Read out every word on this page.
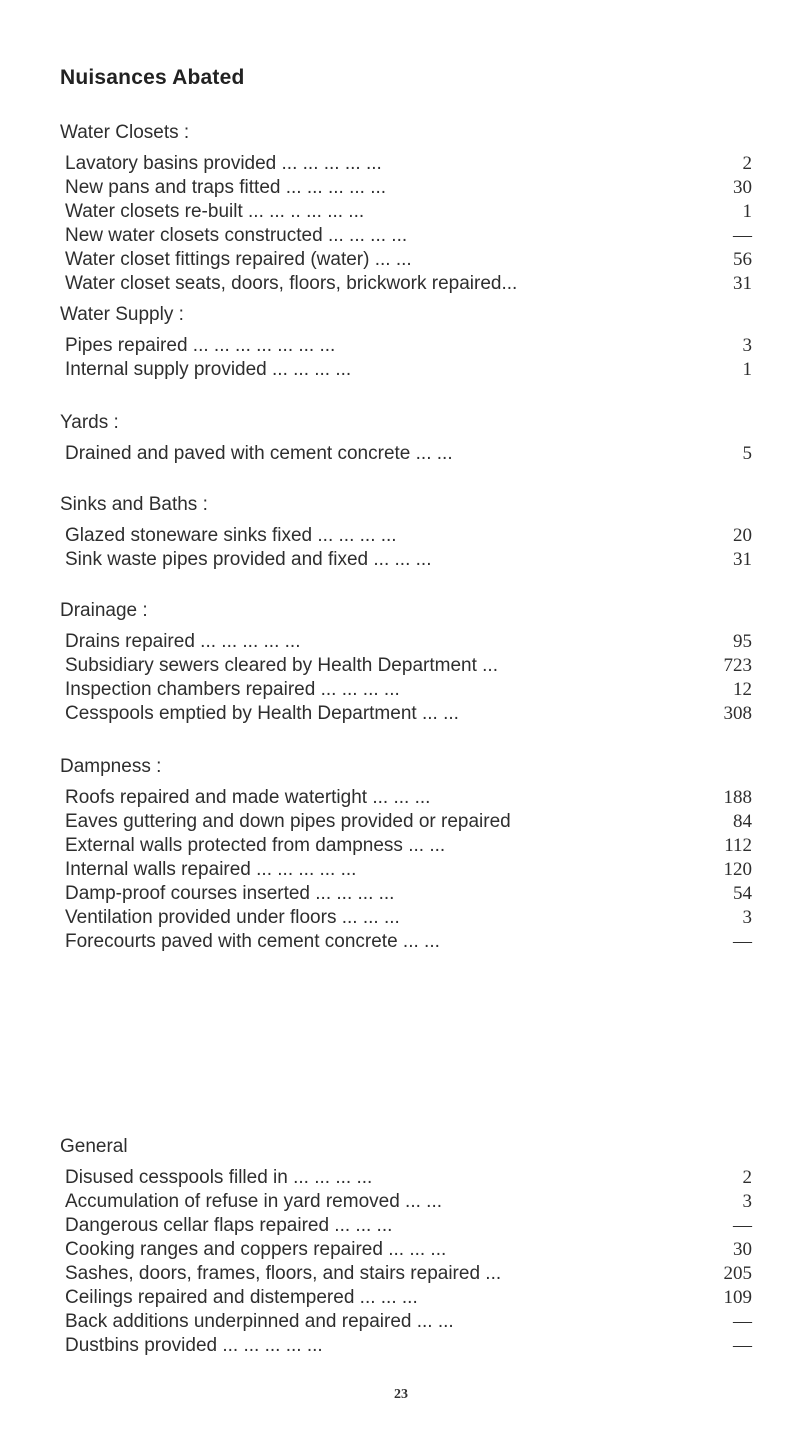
Nuisances Abated
Water Closets :
Lavatory basins provided ... ... ... ... ...	2
New pans and traps fitted ... ... ... ... ...	30
Water closets re-built ... ... .. ... ... ...	1
New water closets constructed ... ... ... ...	—
Water closet fittings repaired (water) ... ...	56
Water closet seats, doors, floors, brickwork repaired...	31
Water Supply :
Pipes repaired ... ... ... ... ... ... ...	3
Internal supply provided ... ... ... ...	1
Yards :
Drained and paved with cement concrete ... ...	5
Sinks and Baths :
Glazed stoneware sinks fixed ... ... ... ...	20
Sink waste pipes provided and fixed ... ... ...	31
Drainage :
Drains repaired ... ... ... ... ...	95
Subsidiary sewers cleared by Health Department ...	723
Inspection chambers repaired ... ... ... ...	12
Cesspools emptied by Health Department ... ...	308
Dampness :
Roofs repaired and made watertight ... ... ...	188
Eaves guttering and down pipes provided or repaired	84
External walls protected from dampness ... ...	112
Internal walls repaired ... ... ... ... ...	120
Damp-proof courses inserted ... ... ... ...	54
Ventilation provided under floors ... ... ...	3
Forecourts paved with cement concrete ... ...	—
General
Disused cesspools filled in ... ... ... ...	2
Accumulation of refuse in yard removed ... ...	3
Dangerous cellar flaps repaired ... ... ...	—
Cooking ranges and coppers repaired ... ... ...	30
Sashes, doors, frames, floors, and stairs repaired ...	205
Ceilings repaired and distempered ... ... ...	109
Back additions underpinned and repaired ... ...	—
Dustbins provided ... ... ... ... ...	—
23
